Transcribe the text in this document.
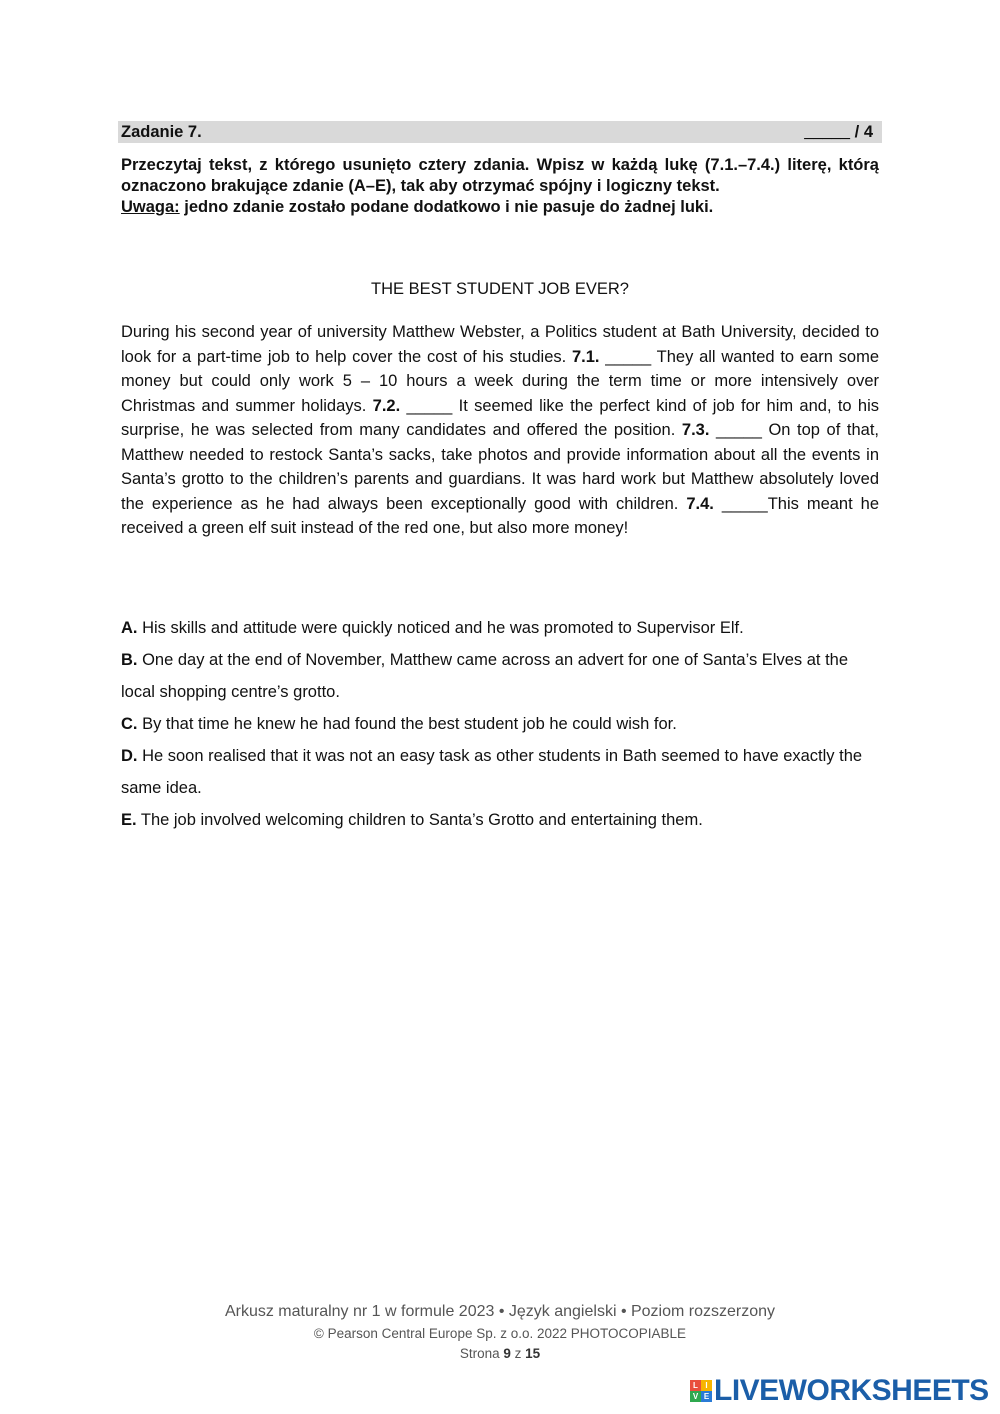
Zadanie 7.	_____ / 4
Przeczytaj tekst, z którego usunięto cztery zdania. Wpisz w każdą lukę (7.1.–7.4.) literę, którą oznaczono brakujące zdanie (A–E), tak aby otrzymać spójny i logiczny tekst.
Uwaga: jedno zdanie zostało podane dodatkowo i nie pasuje do żadnej luki.
THE BEST STUDENT JOB EVER?
During his second year of university Matthew Webster, a Politics student at Bath University, decided to look for a part-time job to help cover the cost of his studies. 7.1. _____ They all wanted to earn some money but could only work 5 – 10 hours a week during the term time or more intensively over Christmas and summer holidays. 7.2. _____ It seemed like the perfect kind of job for him and, to his surprise, he was selected from many candidates and offered the position. 7.3. _____ On top of that, Matthew needed to restock Santa’s sacks, take photos and provide information about all the events in Santa’s grotto to the children’s parents and guardians. It was hard work but Matthew absolutely loved the experience as he had always been exceptionally good with children. 7.4. _____This meant he received a green elf suit instead of the red one, but also more money!

A. His skills and attitude were quickly noticed and he was promoted to Supervisor Elf.

B. One day at the end of November, Matthew came across an advert for one of Santa’s Elves at the local shopping centre’s grotto.

C. By that time he knew he had found the best student job he could wish for.

D. He soon realised that it was not an easy task as other students in Bath seemed to have exactly the same idea.

E. The job involved welcoming children to Santa’s Grotto and entertaining them.

Arkusz maturalny nr 1 w formule 2023 • Język angielski • Poziom rozszerzony
© Pearson Central Europe Sp. z o.o. 2022 PHOTOCOPIABLE
Strona 9 z 15
L I
V E LIVEWORKSHEETS
